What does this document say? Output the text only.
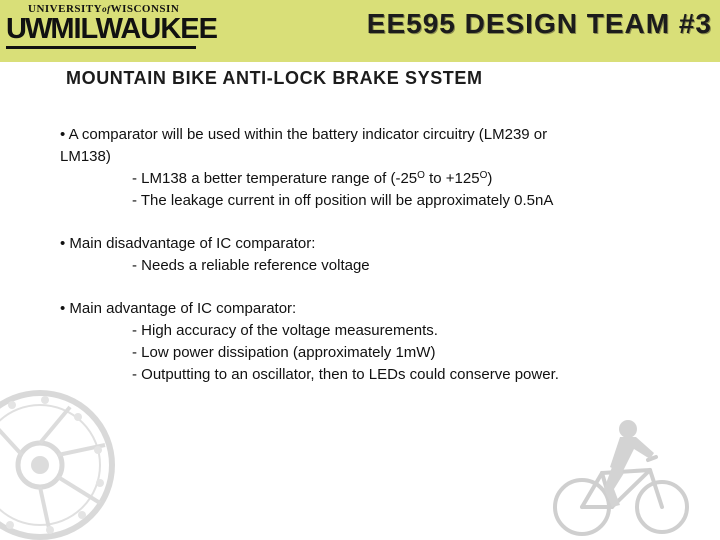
UNIVERSITYofWISCONSIN
UWMILWAUKEE	EE595 DESIGN TEAM #3
MOUNTAIN BIKE ANTI-LOCK BRAKE SYSTEM

• A comparator will be used within the battery indicator circuitry (LM239 or

LM138)

- LM138 a better temperature range of ($-25^O$ to $+125^O$)

- The leakage current in off position will be approximately 0.5nA

• Main disadvantage of IC comparator:

- Needs a reliable reference voltage

• Main advantage of IC comparator:

- High accuracy of the voltage measurements.

- Low power dissipation (approximately 1mW)

- Outputting to an oscillator, then to LEDs could conserve power.
